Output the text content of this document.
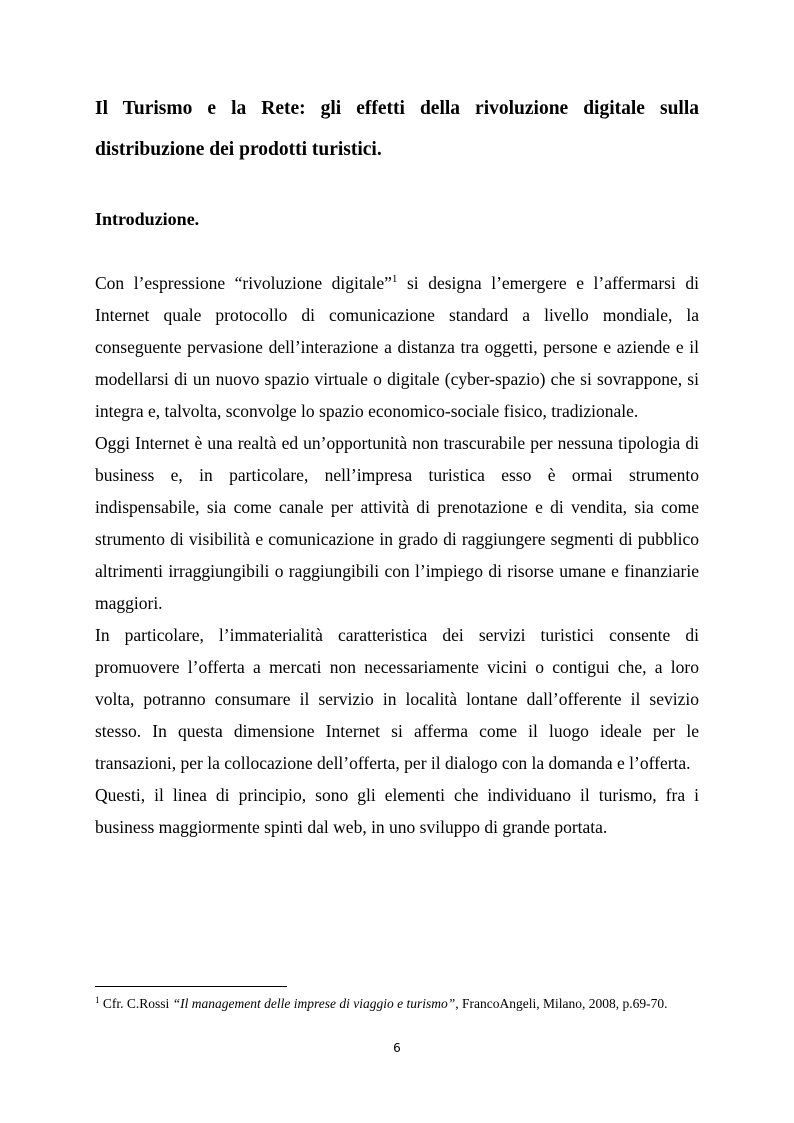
Il Turismo e la Rete: gli effetti della rivoluzione digitale sulla distribuzione dei prodotti turistici.
Introduzione.

Con l’espressione “rivoluzione digitale”$^1$ si designa l’emergere e l’affermarsi di Internet quale protocollo di comunicazione standard a livello mondiale, la conseguente pervasione dell’interazione a distanza tra oggetti, persone e aziende e il modellarsi di un nuovo spazio virtuale o digitale (cyber-spazio) che si sovrappone, si integra e, talvolta, sconvolge lo spazio economico-sociale fisico, tradizionale.

Oggi Internet è una realtà ed un’opportunità non trascurabile per nessuna tipologia di business e, in particolare, nell’impresa turistica esso è ormai strumento indispensabile, sia come canale per attività di prenotazione e di vendita, sia come strumento di visibilità e comunicazione in grado di raggiungere segmenti di pubblico altrimenti irraggiungibili o raggiungibili con l’impiego di risorse umane e finanziarie maggiori.

In particolare, l’immaterialità caratteristica dei servizi turistici consente di promuovere l’offerta a mercati non necessariamente vicini o contigui che, a loro volta, potranno consumare il servizio in località lontane dall’offerente il sevizio stesso. In questa dimensione Internet si afferma come il luogo ideale per le transazioni, per la collocazione dell’offerta, per il dialogo con la domanda e l’offerta.

Questi, il linea di principio, sono gli elementi che individuano il turismo, fra i business maggiormente spinti dal web, in uno sviluppo di grande portata.

$^1$ Cfr. C.Rossi “Il management delle imprese di viaggio e turismo”, FrancoAngeli, Milano, 2008, p.69-70.
6
